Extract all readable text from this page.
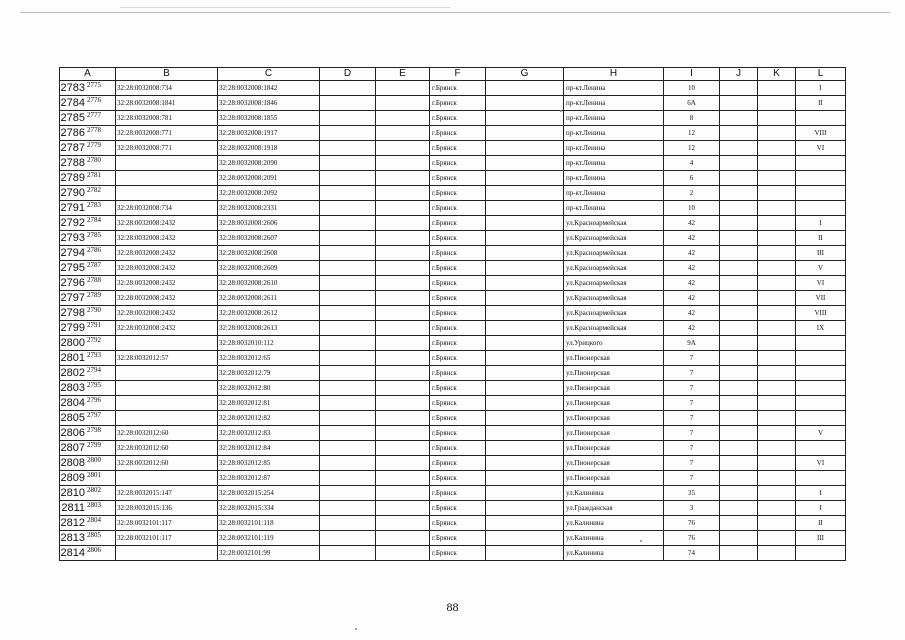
A	B	C	D	E	F	G	H	I	J	K	L

2783 2775	32:28:0032008:734	32:28:0032008:1842			г.Брянск		пр-кт.Ленина	10			I

2784 2776	32:28:0032008:1841	32:28:0032008:1846			г.Брянск		пр-кт.Ленина	6А			II

2785 2777	32:28:0032008:781	32:28:0032008:1855			г.Брянск		пр-кт.Ленина	8			

2786 2778	32:28:0032008:771	32:28:0032008:1917			г.Брянск		пр-кт.Ленина	12			VIII

2787 2779	32:28:0032008:771	32:28:0032008:1918			г.Брянск		пр-кт.Ленина	12			VI

2788 2780		32:28:0032008:2090			г.Брянск		пр-кт.Ленина	4			

2789 2781		32:28:0032008:2091			г.Брянск		пр-кт.Ленина	6			

2790 2782		32:28:0032008:2092			г.Брянск		пр-кт.Ленина	2			

2791 2783	32:28:0032008:734	32:28:0032008:2331			г.Брянск		пр-кт.Ленина	10			

2792 2784	32:28:0032008:2432	32:28:0032008:2606			г.Брянск		ул.Красноармейская	42			I

2793 2785	32:28:0032008:2432	32:28:0032008:2607			г.Брянск		ул.Красноармейская	42			II

2794 2786	32:28:0032008:2432	32:28:0032008:2608			г.Брянск		ул.Красноармейская	42			III

2795 2787	32:28:0032008:2432	32:28:0032008:2609			г.Брянск		ул.Красноармейская	42			V

2796 2788	32:28:0032008:2432	32:28:0032008:2610			г.Брянск		ул.Красноармейская	42			VI

2797 2789	32:28:0032008:2432	32:28:0032008:2611			г.Брянск		ул.Красноармейская	42			VII

2798 2790	32:28:0032008:2432	32:28:0032008:2612			г.Брянск		ул.Красноармейская	42			VIII

2799 2791	32:28:0032008:2432	32:28:0032008:2613			г.Брянск		ул.Красноармейская	42			IX

2800 2792		32:28:0032010:112			г.Брянск		ул.Урицкого	9А			

2801 2793	32:28:0032012:57	32:28:0032012:65			г.Брянск		ул.Пионерская	7			

2802 2794		32:28:0032012:79			г.Брянск		ул.Пионерская	7			

2803 2795		32:28:0032012:80			г.Брянск		ул.Пионерская	7			

2804 2796		32:28:0032012:81			г.Брянск		ул.Пионерская	7			

2805 2797		32:28:0032012:82			г.Брянск		ул.Пионерская	7			

2806 2798	32:28:0032012:60	32:28:0032012:83			г.Брянск		ул.Пионерская	7			V

2807 2799	32:28:0032012:60	32:28:0032012:84			г.Брянск		ул.Пионерская	7			

2808 2800	32:28:0032012:60	32:28:0032012:85			г.Брянск		ул.Пионерская	7			VI

2809 2801		32:28:0032012:87			г.Брянск		ул.Пионерская	7			

2810 2802	32:28:0032015:147	32:28:0032015:254			г.Брянск		ул.Калинина	35			I

2811 2803	32:28:0032015:136	32:28:0032015:334			г.Брянск		ул.Гражданская	3			I

2812 2804	32:28:0032101:117	32:28:0032101:118			г.Брянск		ул.Калинина	76			II

2813 2805	32:28:0032101:117	32:28:0032101:119			г.Брянск		ул.Калинина	76			III

2814 2806		32:28:0032101:99			г.Брянск		ул.Калинина	74			
88
